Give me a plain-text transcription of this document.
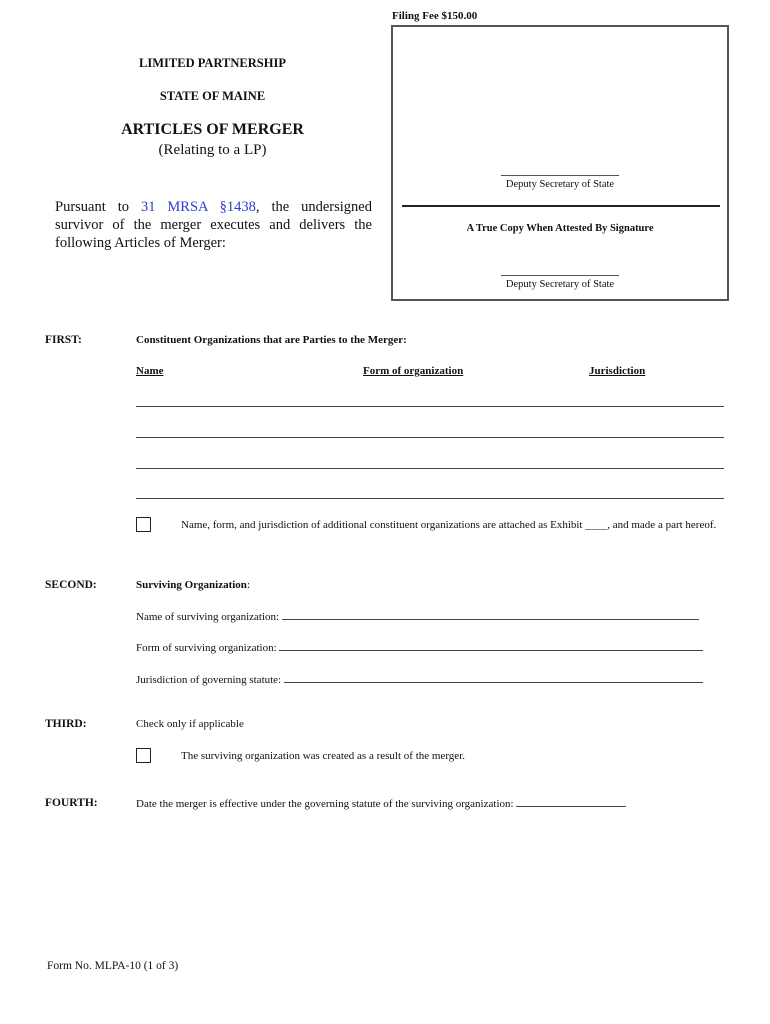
Filing Fee $150.00
Deputy Secretary of State
A True Copy When Attested By Signature
Deputy Secretary of State
LIMITED PARTNERSHIP
STATE OF MAINE
ARTICLES OF MERGER
(Relating to a LP)
Pursuant to 31 MRSA §1438, the undersigned survivor of the merger executes and delivers the following Articles of Merger:
FIRST:	Constituent Organizations that are Parties to the Merger:
Name	Form of organization	Jurisdiction
Name, form, and jurisdiction of additional constituent organizations are attached as Exhibit ____, and made a part hereof.
SECOND:	Surviving Organization:
Name of surviving organization:
Form of surviving organization:
Jurisdiction of governing statute:
THIRD:	Check only if applicable
The surviving organization was created as a result of the merger.
FOURTH:	Date the merger is effective under the governing statute of the surviving organization:
Form No. MLPA-10 (1 of 3)
